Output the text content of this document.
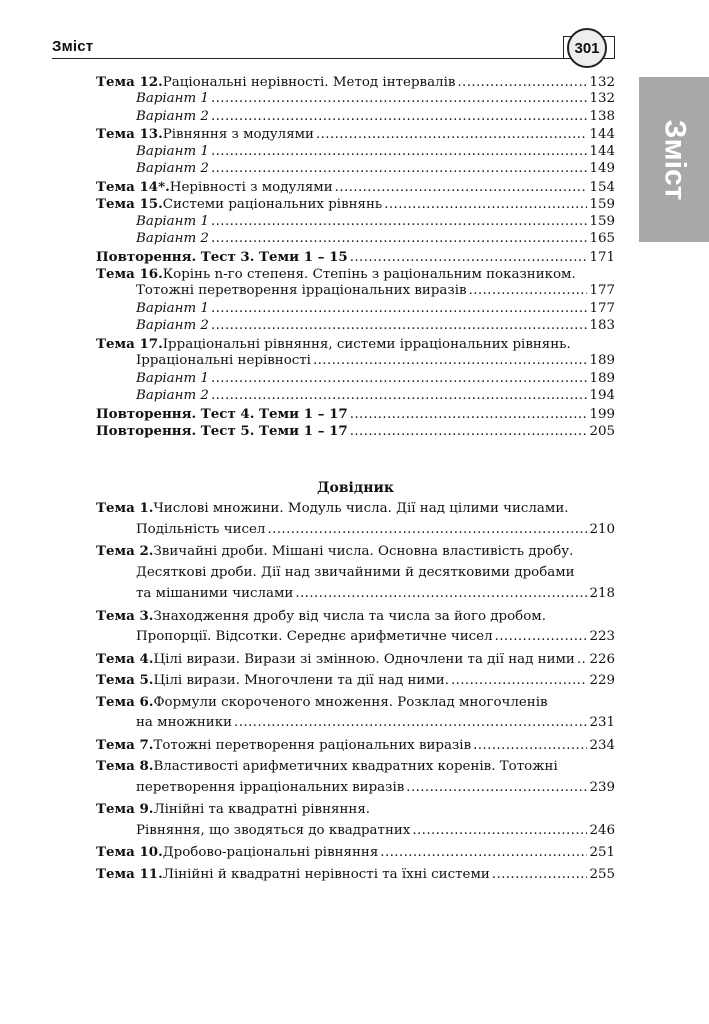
Зміст	301
Зміст
Тема 12. Раціональні нерівності. Метод інтервалів .....	132
Варіант 1 .....	132
Варіант 2 .....	138
Тема 13. Рівняння з модулями .....	144
Варіант 1 .....	144
Варіант 2 .....	149
Тема 14*. Нерівності з модулями .....	154
Тема 15. Системи раціональних рівнянь .....	159
Варіант 1 .....	159
Варіант 2 .....	165
Повторення. Тест 3. Теми 1 – 15 .....	171
Тема 16. Корінь n-го степеня. Степінь з раціональним показником.
Тотожні перетворення ірраціональних виразів .....	177
Варіант 1 .....	177
Варіант 2 .....	183
Тема 17. Ірраціональні рівняння, системи ірраціональних рівнянь.
Ірраціональні нерівності .....	189
Варіант 1 .....	189
Варіант 2 .....	194
Повторення. Тест 4. Теми 1 – 17 .....	199
Повторення. Тест 5. Теми 1 – 17 .....	205
Довідник
Тема 1. Числові множини. Модуль числа. Дії над цілими числами.
Подільність чисел .....	210
Тема 2. Звичайні дроби. Мішані числа. Основна властивість дробу.
Десяткові дроби. Дії над звичайними й десятковими дробами
та мішаними числами .....	218
Тема 3. Знаходження дробу від числа та числа за його дробом.
Пропорції. Відсотки. Середнє арифметичне чисел .....	223
Тема 4. Цілі вирази. Вирази зі змінною. Одночлени та дії над ними ..... 226
Тема 5. Цілі вирази. Многочлени та дії над ними. .....	229
Тема 6. Формули скороченого множення. Розклад многочленів
на множники .....	231
Тема 7. Тотожні перетворення раціональних виразів .....	234
Тема 8. Властивості арифметичних квадратних коренів. Тотожні
перетворення ірраціональних виразів .....	239
Тема 9. Лінійні та квадратні рівняння.
Рівняння, що зводяться до квадратних .....	246
Тема 10. Дробово-раціональні рівняння .....	251
Тема 11. Лінійні й квадратні нерівності та їхні системи .....	255
